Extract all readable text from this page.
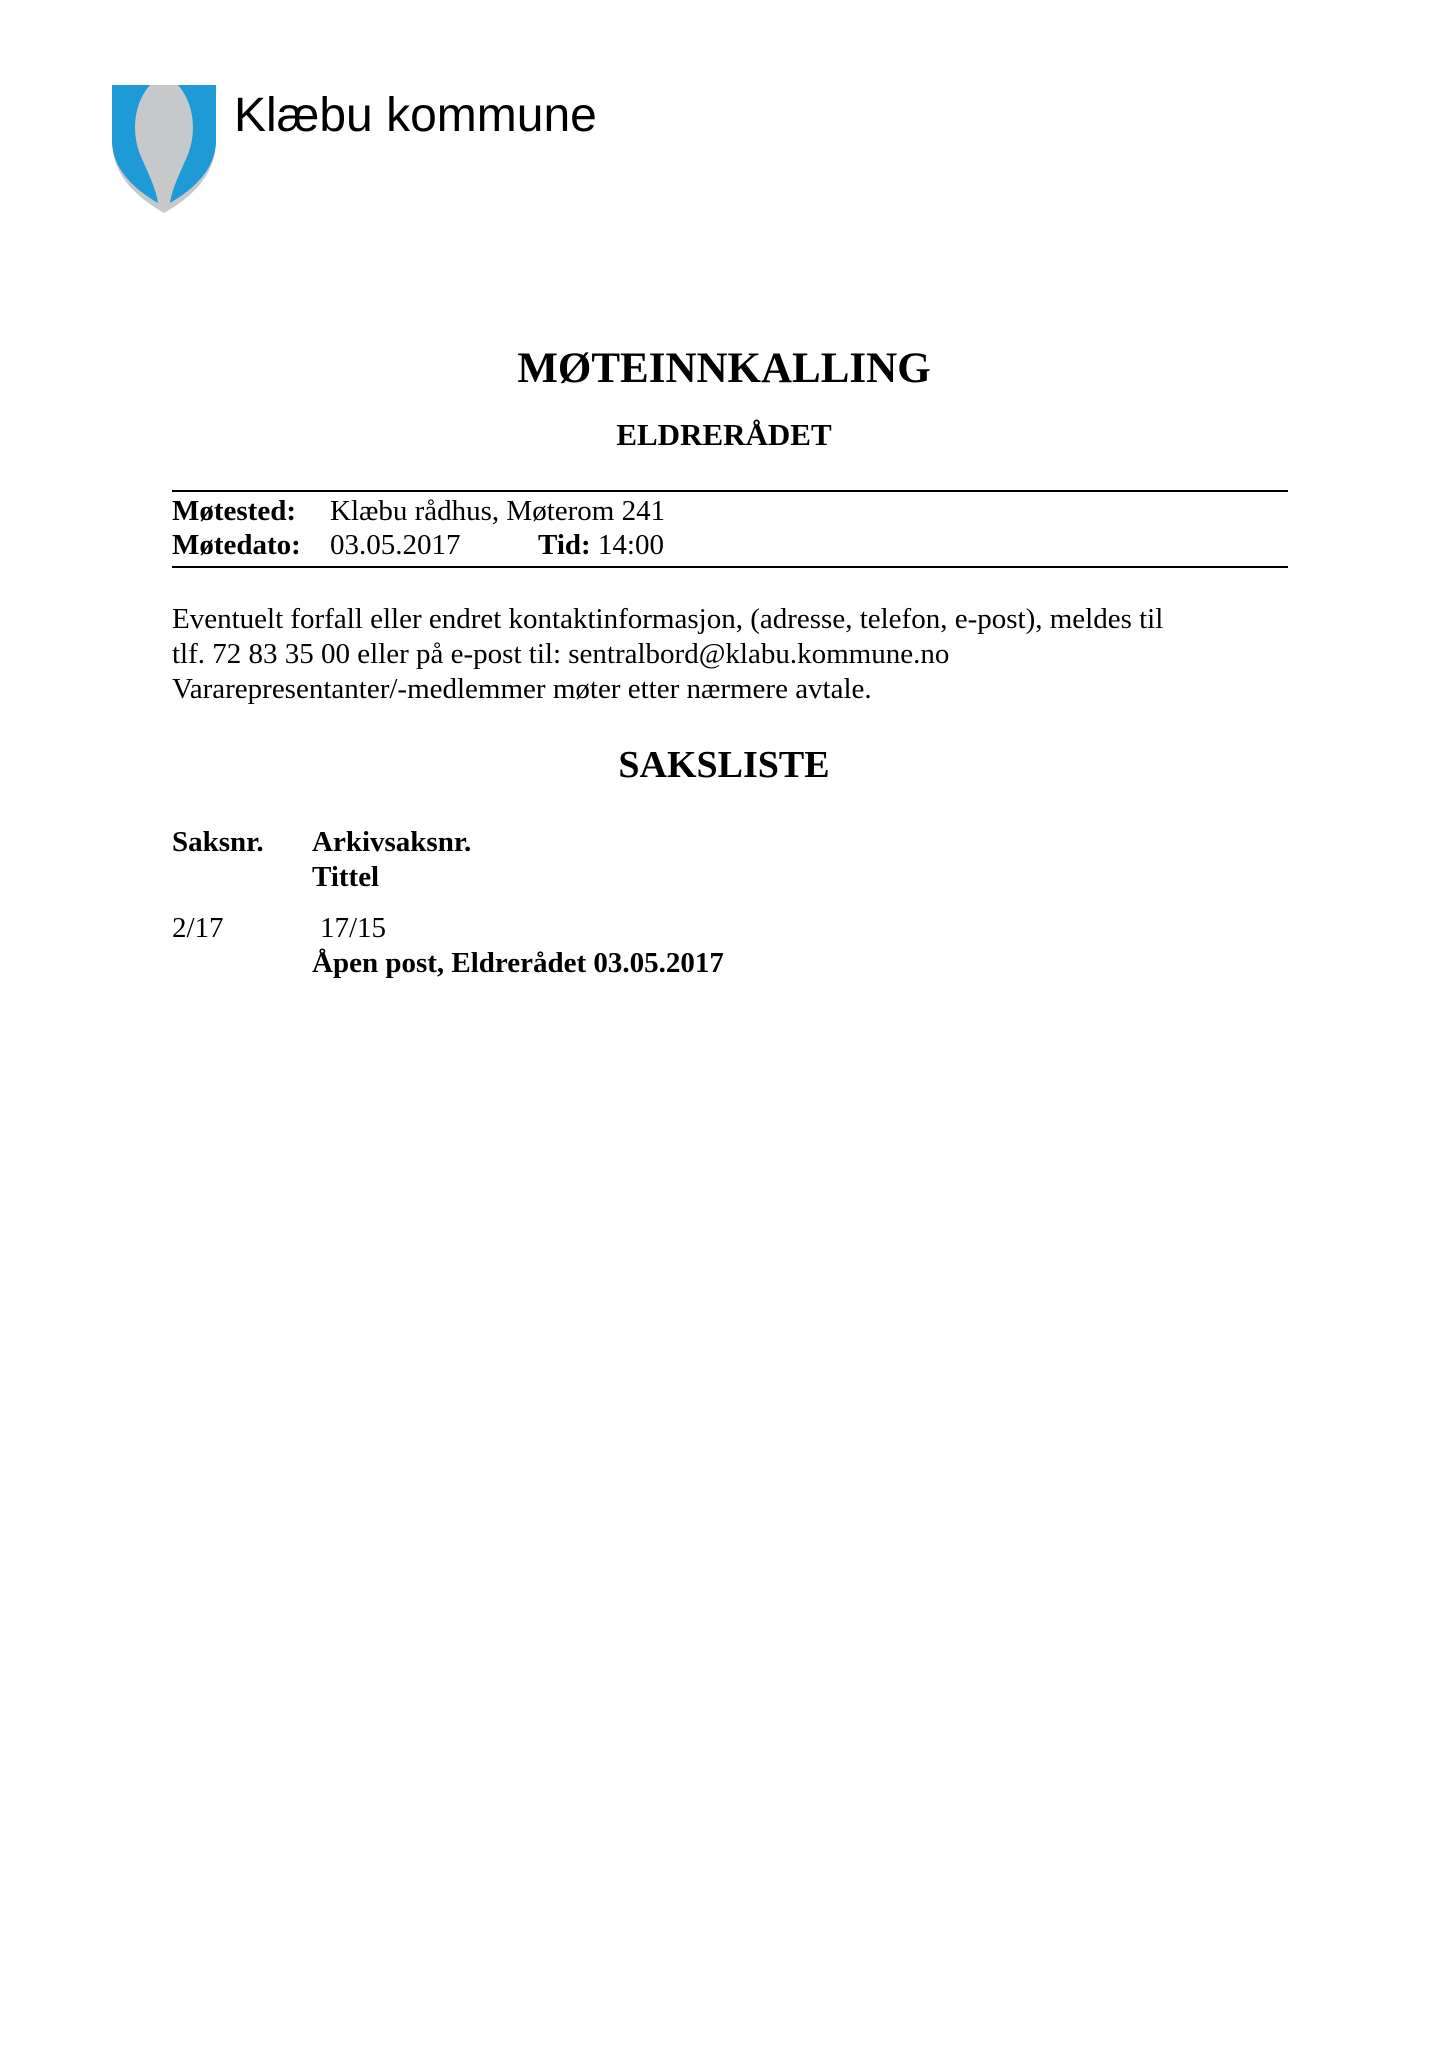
Klæbu kommune
MØTEINNKALLING
ELDRERÅDET
Møtested: Klæbu rådhus, Møterom 241
Møtedato: 03.05.2017	Tid: 14:00

Eventuelt forfall eller endret kontaktinformasjon, (adresse, telefon, e-post), meldes til

tlf. 72 83 35 00 eller på e-post til: sentralbord@klabu.kommune.no

Vararepresentanter/-medlemmer møter etter nærmere avtale.

SAKSLISTE
Saksnr. Arkivsaksnr.
Tittel
2/17	17/15
Åpen post, Eldrerådet 03.05.2017
